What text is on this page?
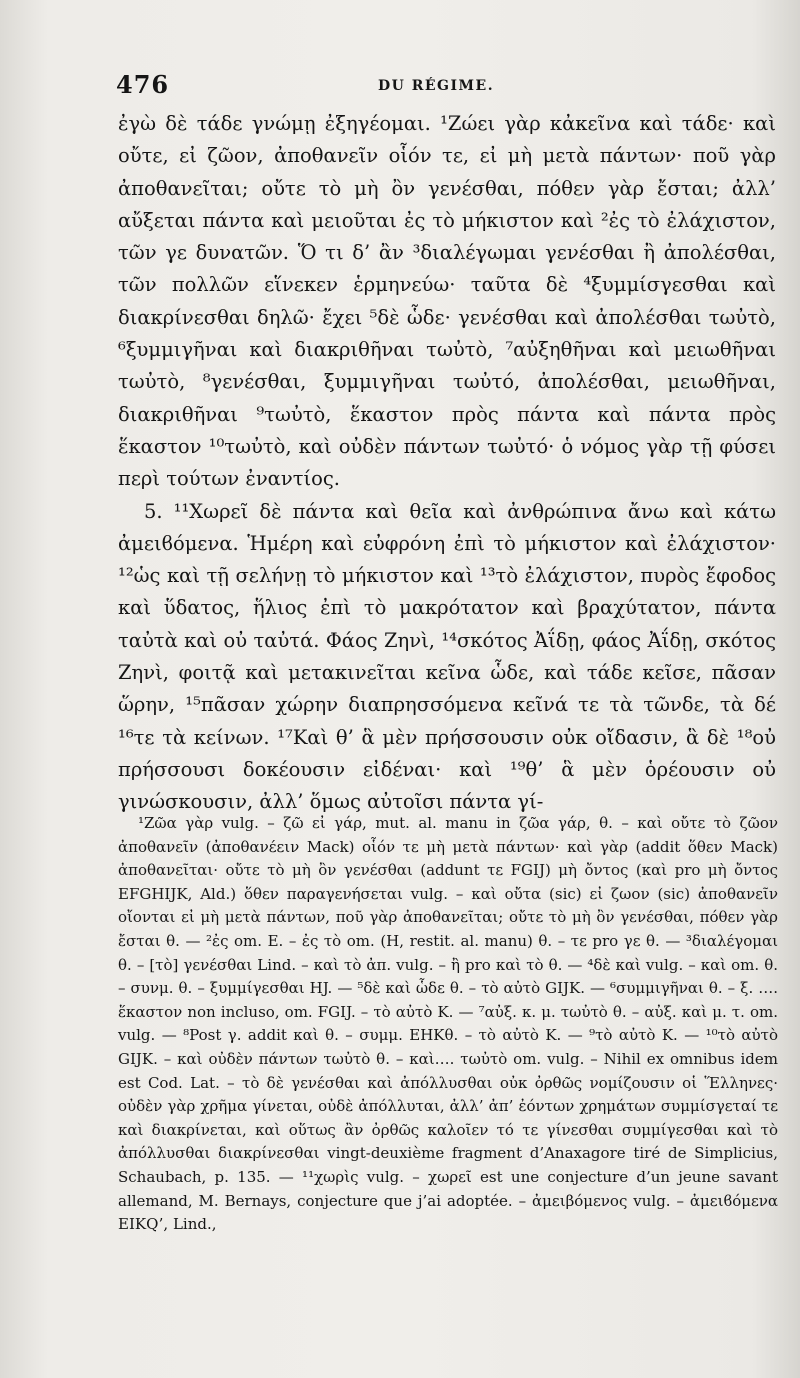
476	DU RÉGIME.

ἐγὼ δὲ τάδε γνώμῃ ἐξηγέομαι. ¹Ζώει γὰρ κἀκεῖνα καὶ τάδε· καὶ οὔτε, εἰ ζῶον, ἀποθανεῖν οἷόν τε, εἰ μὴ μετὰ πάντων· ποῦ γὰρ ἀποθανεῖται; οὔτε τὸ μὴ ὂν γενέσθαι, πόθεν γὰρ ἔσται; ἀλλ’ αὔξεται πάντα καὶ μειοῦται ἐς τὸ μήκιστον καὶ ²ἐς τὸ ἐλάχιστον, τῶν γε δυνατῶν. Ὅ τι δ’ ἂν ³διαλέγωμαι γενέσθαι ἢ ἀπολέσθαι, τῶν πολλῶν εἵνεκεν ἑρμηνεύω· ταῦτα δὲ ⁴ξυμμίσγεσθαι καὶ διακρίνεσθαι δηλῶ· ἔχει ⁵δὲ ὧδε· γενέσθαι καὶ ἀπολέσθαι τωὐτὸ, ⁶ξυμμιγῆναι καὶ διακριθῆναι τωὐτὸ, ⁷αὐξηθῆναι καὶ μειωθῆναι τωὐτὸ, ⁸γενέσθαι, ξυμμιγῆναι τωὐτό, ἀπολέσθαι, μειωθῆναι, διακριθῆναι ⁹τωὐτὸ, ἕκαστον πρὸς πάντα καὶ πάντα πρὸς ἕκαστον ¹⁰τωὐτὸ, καὶ οὐδὲν πάντων τωὐτό· ὁ νόμος γὰρ τῇ φύσει περὶ τούτων ἐναντίος.

5. ¹¹Χωρεῖ δὲ πάντα καὶ θεῖα καὶ ἀνθρώπινα ἄνω καὶ κάτω ἀμειϐόμενα. Ἡμέρη καὶ εὐφρόνη ἐπὶ τὸ μήκιστον καὶ ἐλάχιστον· ¹²ὡς καὶ τῇ σελήνῃ τὸ μήκιστον καὶ ¹³τὸ ἐλάχιστον, πυρὸς ἔφοδος καὶ ὕδατος, ἥλιος ἐπὶ τὸ μακρότατον καὶ βραχύτατον, πάντα ταὐτὰ καὶ οὐ ταὐτά. Φάος Ζηνὶ, ¹⁴σκότος Ἀΐδῃ, φάος Ἀΐδῃ, σκότος Ζηνὶ, φοιτᾷ καὶ μετακινεῖται κεῖνα ὧδε, καὶ τάδε κεῖσε, πᾶσαν ὥρην, ¹⁵πᾶσαν χώρην διαπρησσόμενα κεῖνά τε τὰ τῶνδε, τὰ δέ ¹⁶τε τὰ κείνων. ¹⁷Καὶ θ’ ἃ μὲν πρήσσουσιν οὐκ οἴδασιν, ἃ δὲ ¹⁸οὐ πρήσσουσι δοκέουσιν εἰδέναι· καὶ ¹⁹θ’ ἃ μὲν ὁρέουσιν οὐ γινώσκουσιν, ἀλλ’ ὅμως αὐτοῖσι πάντα γί-

¹Ζῶα γὰρ vulg. – ζῶ εἰ γάρ, mut. al. manu in ζῶα γάρ, θ. – καὶ οὔτε τὸ ζῶον ἀποθανεῖν (ἀποθανέειν Mack) οἷόν τε μὴ μετὰ πάντων· καὶ γὰρ (addit ὅθεν Mack) ἀποθανεῖται· οὔτε τὸ μὴ ὂν γενέσθαι (addunt τε FGIJ) μὴ ὄντος (καὶ pro μὴ ὄντος EFGHIJK, Ald.) ὅθεν παραγενήσεται vulg. – καὶ οὔτα (sic) εἰ ζωον (sic) ἀποθανεῖν οἴονται εἰ μὴ μετὰ πάντων, ποῦ γὰρ ἀποθανεῖται; οὔτε τὸ μὴ ὂν γενέσθαι, πόθεν γὰρ ἔσται θ. — ²ἐς om. E. – ἐς τὸ om. (H, restit. al. manu) θ. – τε pro γε θ. — ³διαλέγομαι θ. – [τὸ] γενέσθαι Lind. – καὶ τὸ ἀπ. vulg. – ἢ pro καὶ τὸ θ. — ⁴δὲ καὶ vulg. – καὶ om. θ. – συνμ. θ. – ξυμμίγεσθαι HJ. — ⁵δὲ καὶ ὧδε θ. – τὸ αὐτὸ GIJK. — ⁶συμμιγῆναι θ. – ξ. …. ἕκαστον non incluso, om. FGIJ. – τὸ αὐτὸ K. — ⁷αὐξ. κ. μ. τωὐτὸ θ. – αὐξ. καὶ μ. τ. om. vulg. — ⁸Post γ. addit καὶ θ. – συμμ. EHKθ. – τὸ αὐτὸ K. — ⁹τὸ αὐτὸ K. — ¹⁰τὸ αὐτὸ GIJK. – καὶ οὐδὲν πάντων τωὐτὸ θ. – καὶ…. τωὐτὸ om. vulg. – Nihil ex omnibus idem est Cod. Lat. – τὸ δὲ γενέσθαι καὶ ἀπόλλυσθαι οὐκ ὀρθῶς νομίζουσιν οἱ Ἕλληνες· οὐδὲν γὰρ χρῆμα γίνεται, οὐδὲ ἀπόλλυται, ἀλλ’ ἀπ’ ἐόντων χρημάτων συμμίσγεταί τε καὶ διακρίνεται, καὶ οὕτως ἂν ὀρθῶς καλοῖεν τό τε γίνεσθαι συμμίγεσθαι καὶ τὸ ἀπόλλυσθαι διακρίνεσθαι vingt-deuxième fragment d’Anaxagore tiré de Simplicius, Schaubach, p. 135. — ¹¹χωρὶς vulg. – χωρεῖ est une conjecture d’un jeune savant allemand, M. Bernays, conjecture que j’ai adoptée. – ἀμειβόμενος vulg. – ἀμειϐόμενα EIKQ’, Lind.,
